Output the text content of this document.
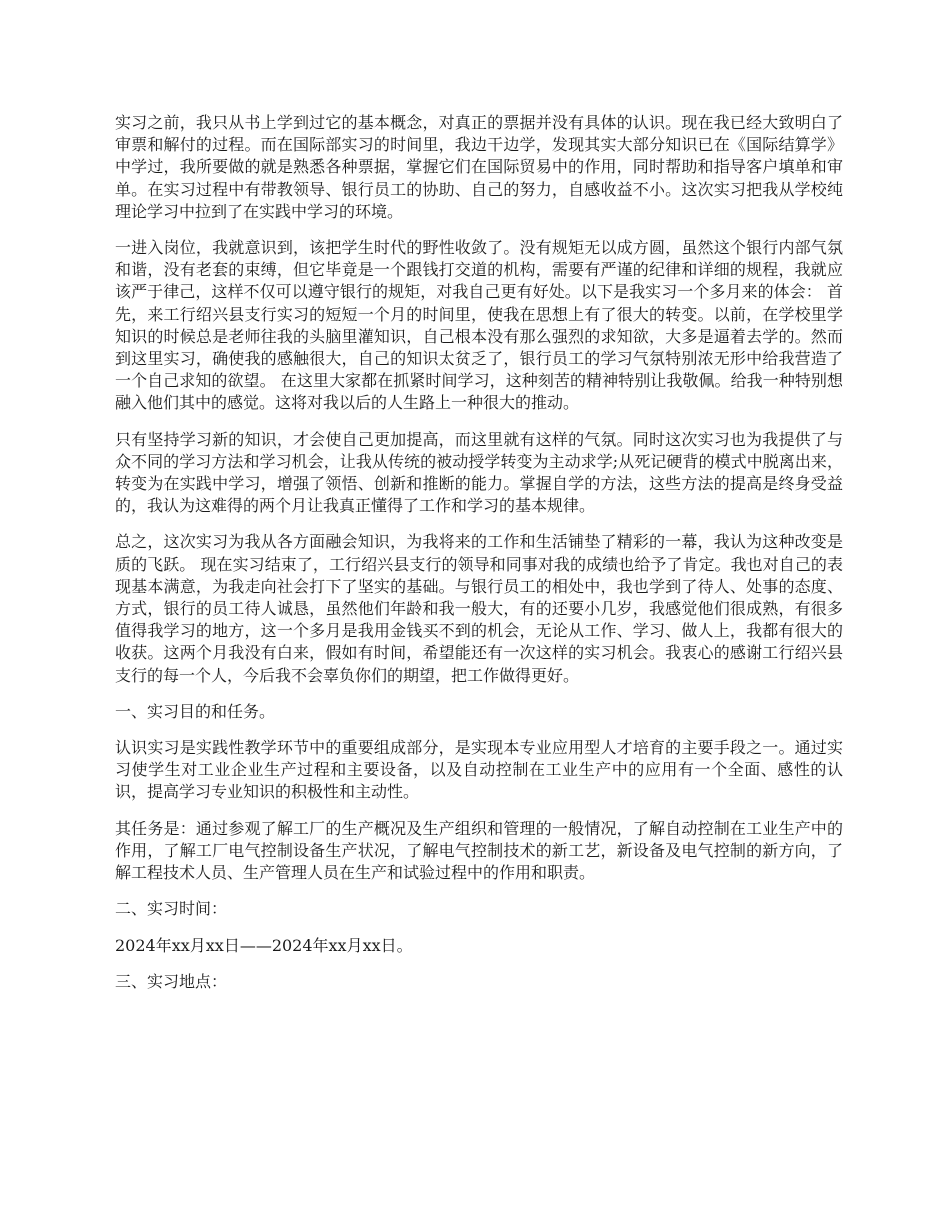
实习之前，我只从书上学到过它的基本概念，对真正的票据并没有具体的认识。现在我已经大致明白了审票和解付的过程。而在国际部实习的时间里，我边干边学，发现其实大部分知识已在《国际结算学》中学过，我所要做的就是熟悉各种票据，掌握它们在国际贸易中的作用，同时帮助和指导客户填单和审单。在实习过程中有带教领导、银行员工的协助、自己的努力，自感收益不小。这次实习把我从学校纯理论学习中拉到了在实践中学习的环境。

一进入岗位，我就意识到，该把学生时代的野性收敛了。没有规矩无以成方圆，虽然这个银行内部气氛和谐，没有老套的束缚，但它毕竟是一个跟钱打交道的机构，需要有严谨的纪律和详细的规程，我就应该严于律己，这样不仅可以遵守银行的规矩，对我自己更有好处。以下是我实习一个多月来的体会： 首先，来工行绍兴县支行实习的短短一个月的时间里，使我在思想上有了很大的转变。以前，在学校里学知识的时候总是老师往我的头脑里灌知识，自己根本没有那么强烈的求知欲，大多是逼着去学的。然而到这里实习，确使我的感触很大，自己的知识太贫乏了，银行员工的学习气氛特别浓无形中给我营造了一个自己求知的欲望。 在这里大家都在抓紧时间学习，这种刻苦的精神特别让我敬佩。给我一种特别想融入他们其中的感觉。这将对我以后的人生路上一种很大的推动。

只有坚持学习新的知识，才会使自己更加提高，而这里就有这样的气氛。同时这次实习也为我提供了与众不同的学习方法和学习机会，让我从传统的被动授学转变为主动求学;从死记硬背的模式中脱离出来，转变为在实践中学习，增强了领悟、创新和推断的能力。掌握自学的方法，这些方法的提高是终身受益的，我认为这难得的两个月让我真正懂得了工作和学习的基本规律。

总之，这次实习为我从各方面融会知识，为我将来的工作和生活铺垫了精彩的一幕，我认为这种改变是质的飞跃。 现在实习结束了，工行绍兴县支行的领导和同事对我的成绩也给予了肯定。我也对自己的表现基本满意，为我走向社会打下了坚实的基础。与银行员工的相处中，我也学到了待人、处事的态度、方式，银行的员工待人诚恳，虽然他们年龄和我一般大，有的还要小几岁，我感觉他们很成熟，有很多值得我学习的地方，这一个多月是我用金钱买不到的机会，无论从工作、学习、做人上，我都有很大的收获。这两个月我没有白来，假如有时间，希望能还有一次这样的实习机会。我衷心的感谢工行绍兴县支行的每一个人，今后我不会辜负你们的期望，把工作做得更好。

一、实习目的和任务。

认识实习是实践性教学环节中的重要组成部分，是实现本专业应用型人才培育的主要手段之一。通过实习使学生对工业企业生产过程和主要设备，以及自动控制在工业生产中的应用有一个全面、感性的认识，提高学习专业知识的积极性和主动性。

其任务是：通过参观了解工厂的生产概况及生产组织和管理的一般情况，了解自动控制在工业生产中的作用，了解工厂电气控制设备生产状况，了解电气控制技术的新工艺，新设备及电气控制的新方向，了解工程技术人员、生产管理人员在生产和试验过程中的作用和职责。

二、实习时间：

2024年xx月xx日——2024年xx月xx日。

三、实习地点：
